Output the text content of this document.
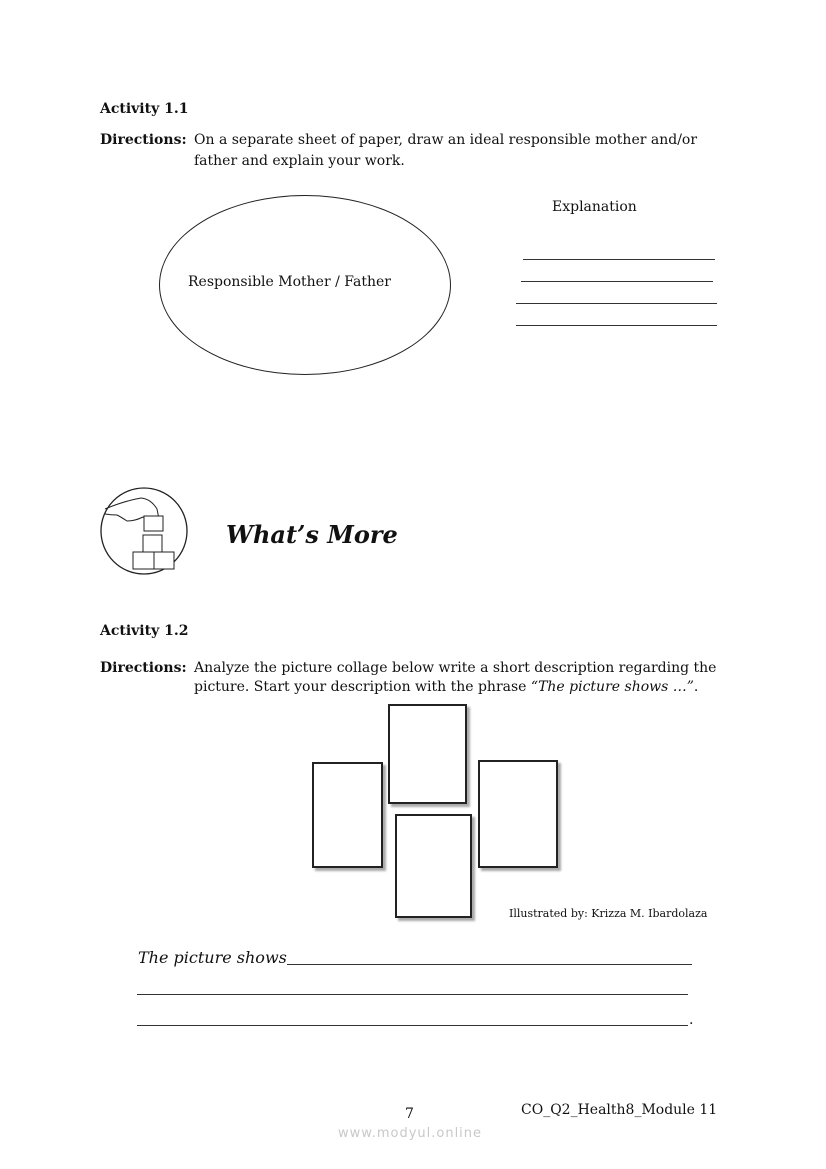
Activity 1.1
Directions: On a separate sheet of paper, draw an ideal responsible mother and/or
father and explain your work.
Responsible Mother / Father
Explanation
What’s More
Activity 1.2
Directions: Analyze the picture collage below write a short description regarding the
picture. Start your description with the phrase “The picture shows …”.
Illustrated by: Krizza M. Ibardolaza
The picture shows
.
7	CO_Q2_Health8_Module 11
www.modyul.online
